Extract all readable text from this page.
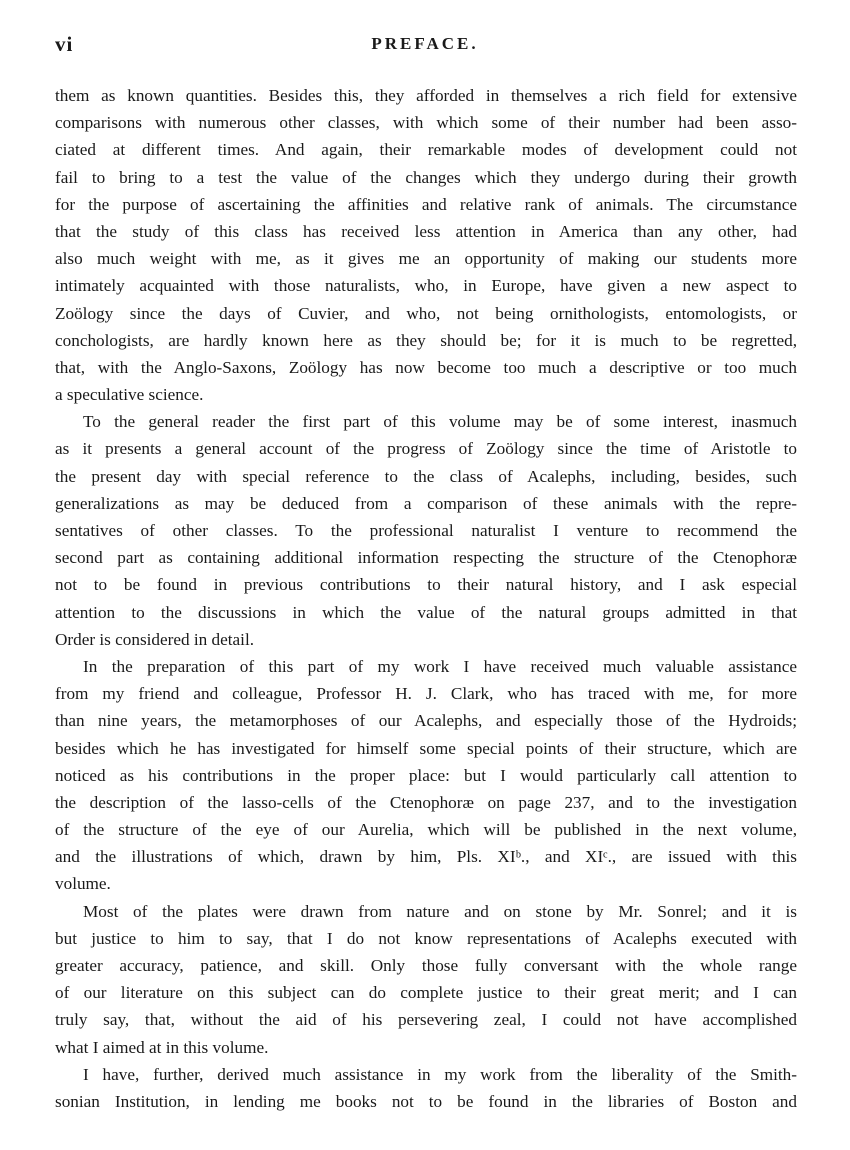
vi	PREFACE.
them as known quantities. Besides this, they afforded in themselves a rich field for extensive
comparisons with numerous other classes, with which some of their number had been asso-
ciated at different times. And again, their remarkable modes of development could not
fail to bring to a test the value of the changes which they undergo during their growth
for the purpose of ascertaining the affinities and relative rank of animals. The circumstance
that the study of this class has received less attention in America than any other, had
also much weight with me, as it gives me an opportunity of making our students more
intimately acquainted with those naturalists, who, in Europe, have given a new aspect to
Zoölogy since the days of Cuvier, and who, not being ornithologists, entomologists, or
conchologists, are hardly known here as they should be; for it is much to be regretted,
that, with the Anglo-Saxons, Zoölogy has now become too much a descriptive or too much
a speculative science.
To the general reader the first part of this volume may be of some interest, inasmuch
as it presents a general account of the progress of Zoölogy since the time of Aristotle to
the present day with special reference to the class of Acalephs, including, besides, such
generalizations as may be deduced from a comparison of these animals with the repre-
sentatives of other classes. To the professional naturalist I venture to recommend the
second part as containing additional information respecting the structure of the Ctenophoræ
not to be found in previous contributions to their natural history, and I ask especial
attention to the discussions in which the value of the natural groups admitted in that
Order is considered in detail.
In the preparation of this part of my work I have received much valuable assistance
from my friend and colleague, Professor H. J. Clark, who has traced with me, for more
than nine years, the metamorphoses of our Acalephs, and especially those of the Hydroids;
besides which he has investigated for himself some special points of their structure, which are
noticed as his contributions in the proper place: but I would particularly call attention to
the description of the lasso-cells of the Ctenophoræ on page 237, and to the investigation
of the structure of the eye of our Aurelia, which will be published in the next volume,
and the illustrations of which, drawn by him, Pls. XIᵇ., and XIᶜ., are issued with this
volume.
Most of the plates were drawn from nature and on stone by Mr. Sonrel; and it is
but justice to him to say, that I do not know representations of Acalephs executed with
greater accuracy, patience, and skill. Only those fully conversant with the whole range
of our literature on this subject can do complete justice to their great merit; and I can
truly say, that, without the aid of his persevering zeal, I could not have accomplished
what I aimed at in this volume.
I have, further, derived much assistance in my work from the liberality of the Smith-
sonian Institution, in lending me books not to be found in the libraries of Boston and
